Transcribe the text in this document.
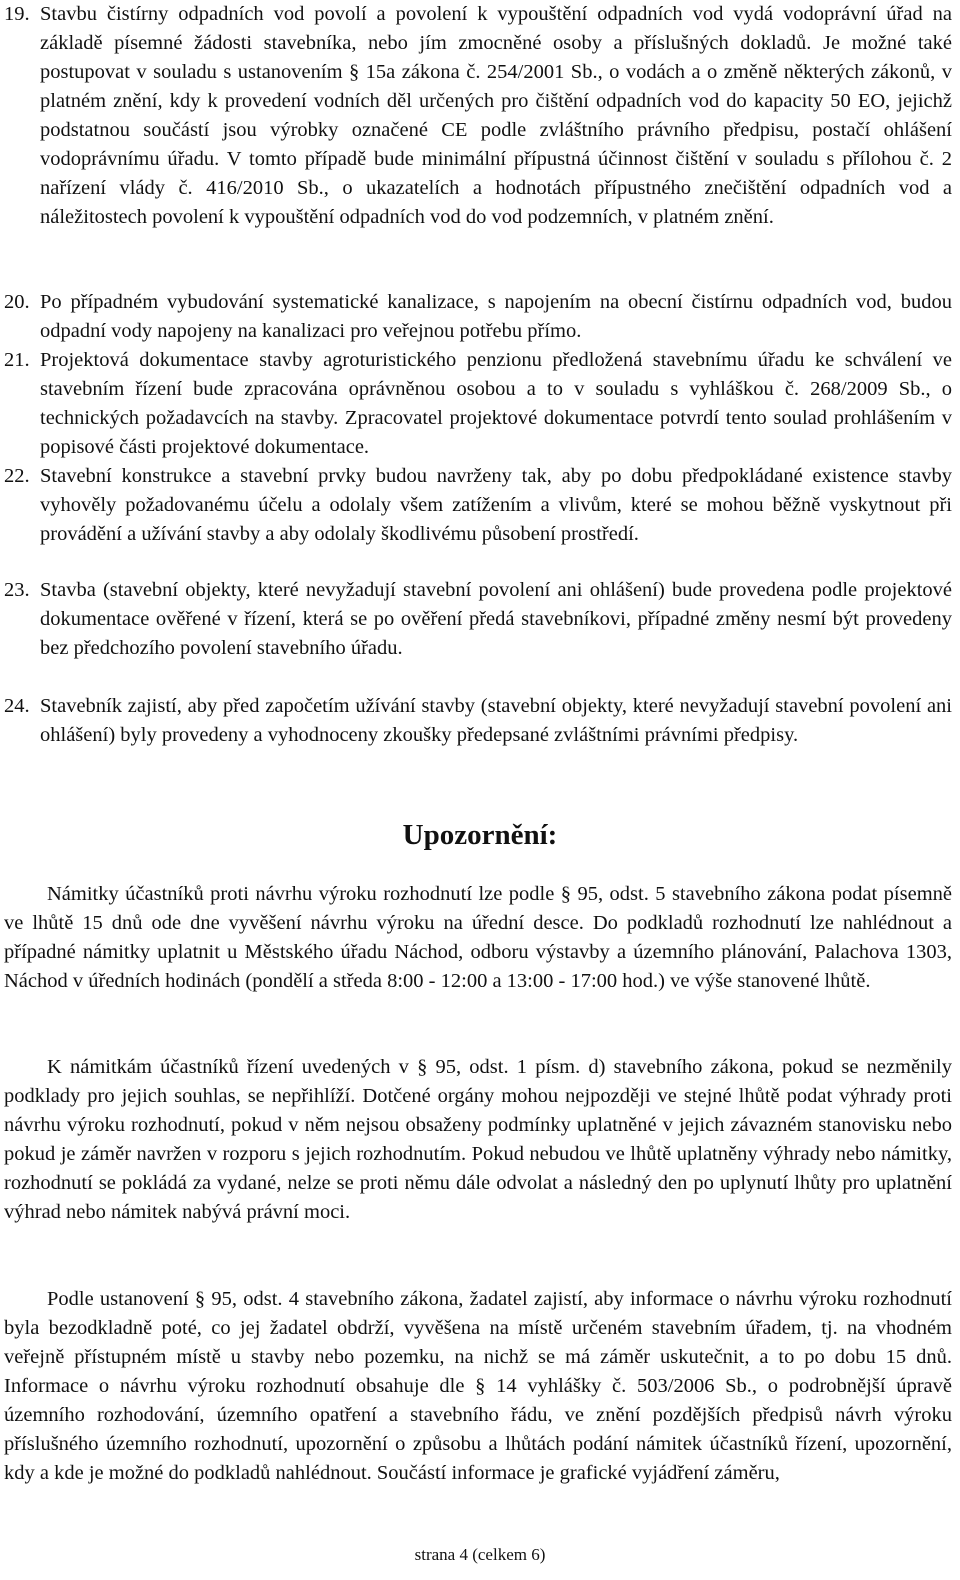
19. Stavbu čistírny odpadních vod povolí a povolení k vypouštění odpadních vod vydá vodoprávní úřad na základě písemné žádosti stavebníka, nebo jím zmocněné osoby a příslušných dokladů. Je možné také postupovat v souladu s ustanovením § 15a zákona č. 254/2001 Sb., o vodách a o změně některých zákonů, v platném znění, kdy k provedení vodních děl určených pro čištění odpadních vod do kapacity 50 EO, jejichž podstatnou součástí jsou výrobky označené CE podle zvláštního právního předpisu, postačí ohlášení vodoprávnímu úřadu. V tomto případě bude minimální přípustná účinnost čištění v souladu s přílohou č. 2 nařízení vlády č. 416/2010 Sb., o ukazatelích a hodnotách přípustného znečištění odpadních vod a náležitostech povolení k vypouštění odpadních vod do vod podzemních, v platném znění.
20. Po případném vybudování systematické kanalizace, s napojením na obecní čistírnu odpadních vod, budou odpadní vody napojeny na kanalizaci pro veřejnou potřebu přímo.
21. Projektová dokumentace stavby agroturistického penzionu předložená stavebnímu úřadu ke schválení ve stavebním řízení bude zpracována oprávněnou osobou a to v souladu s vyhláškou č. 268/2009 Sb., o technických požadavcích na stavby. Zpracovatel projektové dokumentace potvrdí tento soulad prohlášením v popisové části projektové dokumentace.
22. Stavební konstrukce a stavební prvky budou navrženy tak, aby po dobu předpokládané existence stavby vyhověly požadovanému účelu a odolaly všem zatížením a vlivům, které se mohou běžně vyskytnout při provádění a užívání stavby a aby odolaly škodlivému působení prostředí.
23. Stavba (stavební objekty, které nevyžadují stavební povolení ani ohlášení) bude provedena podle projektové dokumentace ověřené v řízení, která se po ověření předá stavebníkovi, případné změny nesmí být provedeny bez předchozího povolení stavebního úřadu.
24. Stavebník zajistí, aby před započetím užívání stavby (stavební objekty, které nevyžadují stavební povolení ani ohlášení) byly provedeny a vyhodnoceny zkoušky předepsané zvláštními právními předpisy.
Upozornění:
Námitky účastníků proti návrhu výroku rozhodnutí lze podle § 95, odst. 5 stavebního zákona podat písemně ve lhůtě 15 dnů ode dne vyvěšení návrhu výroku na úřední desce. Do podkladů rozhodnutí lze nahlédnout a případné námitky uplatnit u Městského úřadu Náchod, odboru výstavby a územního plánování, Palachova 1303, Náchod v úředních hodinách (pondělí a středa 8:00 - 12:00 a 13:00 - 17:00 hod.) ve výše stanovené lhůtě.
K námitkám účastníků řízení uvedených v § 95, odst. 1 písm. d) stavebního zákona, pokud se nezměnily podklady pro jejich souhlas, se nepřihlíží. Dotčené orgány mohou nejpozději ve stejné lhůtě podat výhrady proti návrhu výroku rozhodnutí, pokud v něm nejsou obsaženy podmínky uplatněné v jejich závazném stanovisku nebo pokud je záměr navržen v rozporu s jejich rozhodnutím. Pokud nebudou ve lhůtě uplatněny výhrady nebo námitky, rozhodnutí se pokládá za vydané, nelze se proti němu dále odvolat a následný den po uplynutí lhůty pro uplatnění výhrad nebo námitek nabývá právní moci.
Podle ustanovení § 95, odst. 4 stavebního zákona, žadatel zajistí, aby informace o návrhu výroku rozhodnutí byla bezodkladně poté, co jej žadatel obdrží, vyvěšena na místě určeném stavebním úřadem, tj. na vhodném veřejně přístupném místě u stavby nebo pozemku, na nichž se má záměr uskutečnit, a to po dobu 15 dnů. Informace o návrhu výroku rozhodnutí obsahuje dle § 14 vyhlášky č. 503/2006 Sb., o podrobnější úpravě územního rozhodování, územního opatření a stavebního řádu, ve znění pozdějších předpisů návrh výroku příslušného územního rozhodnutí, upozornění o způsobu a lhůtách podání námitek účastníků řízení, upozornění, kdy a kde je možné do podkladů nahlédnout. Součástí informace je grafické vyjádření záměru,
strana 4 (celkem 6)
